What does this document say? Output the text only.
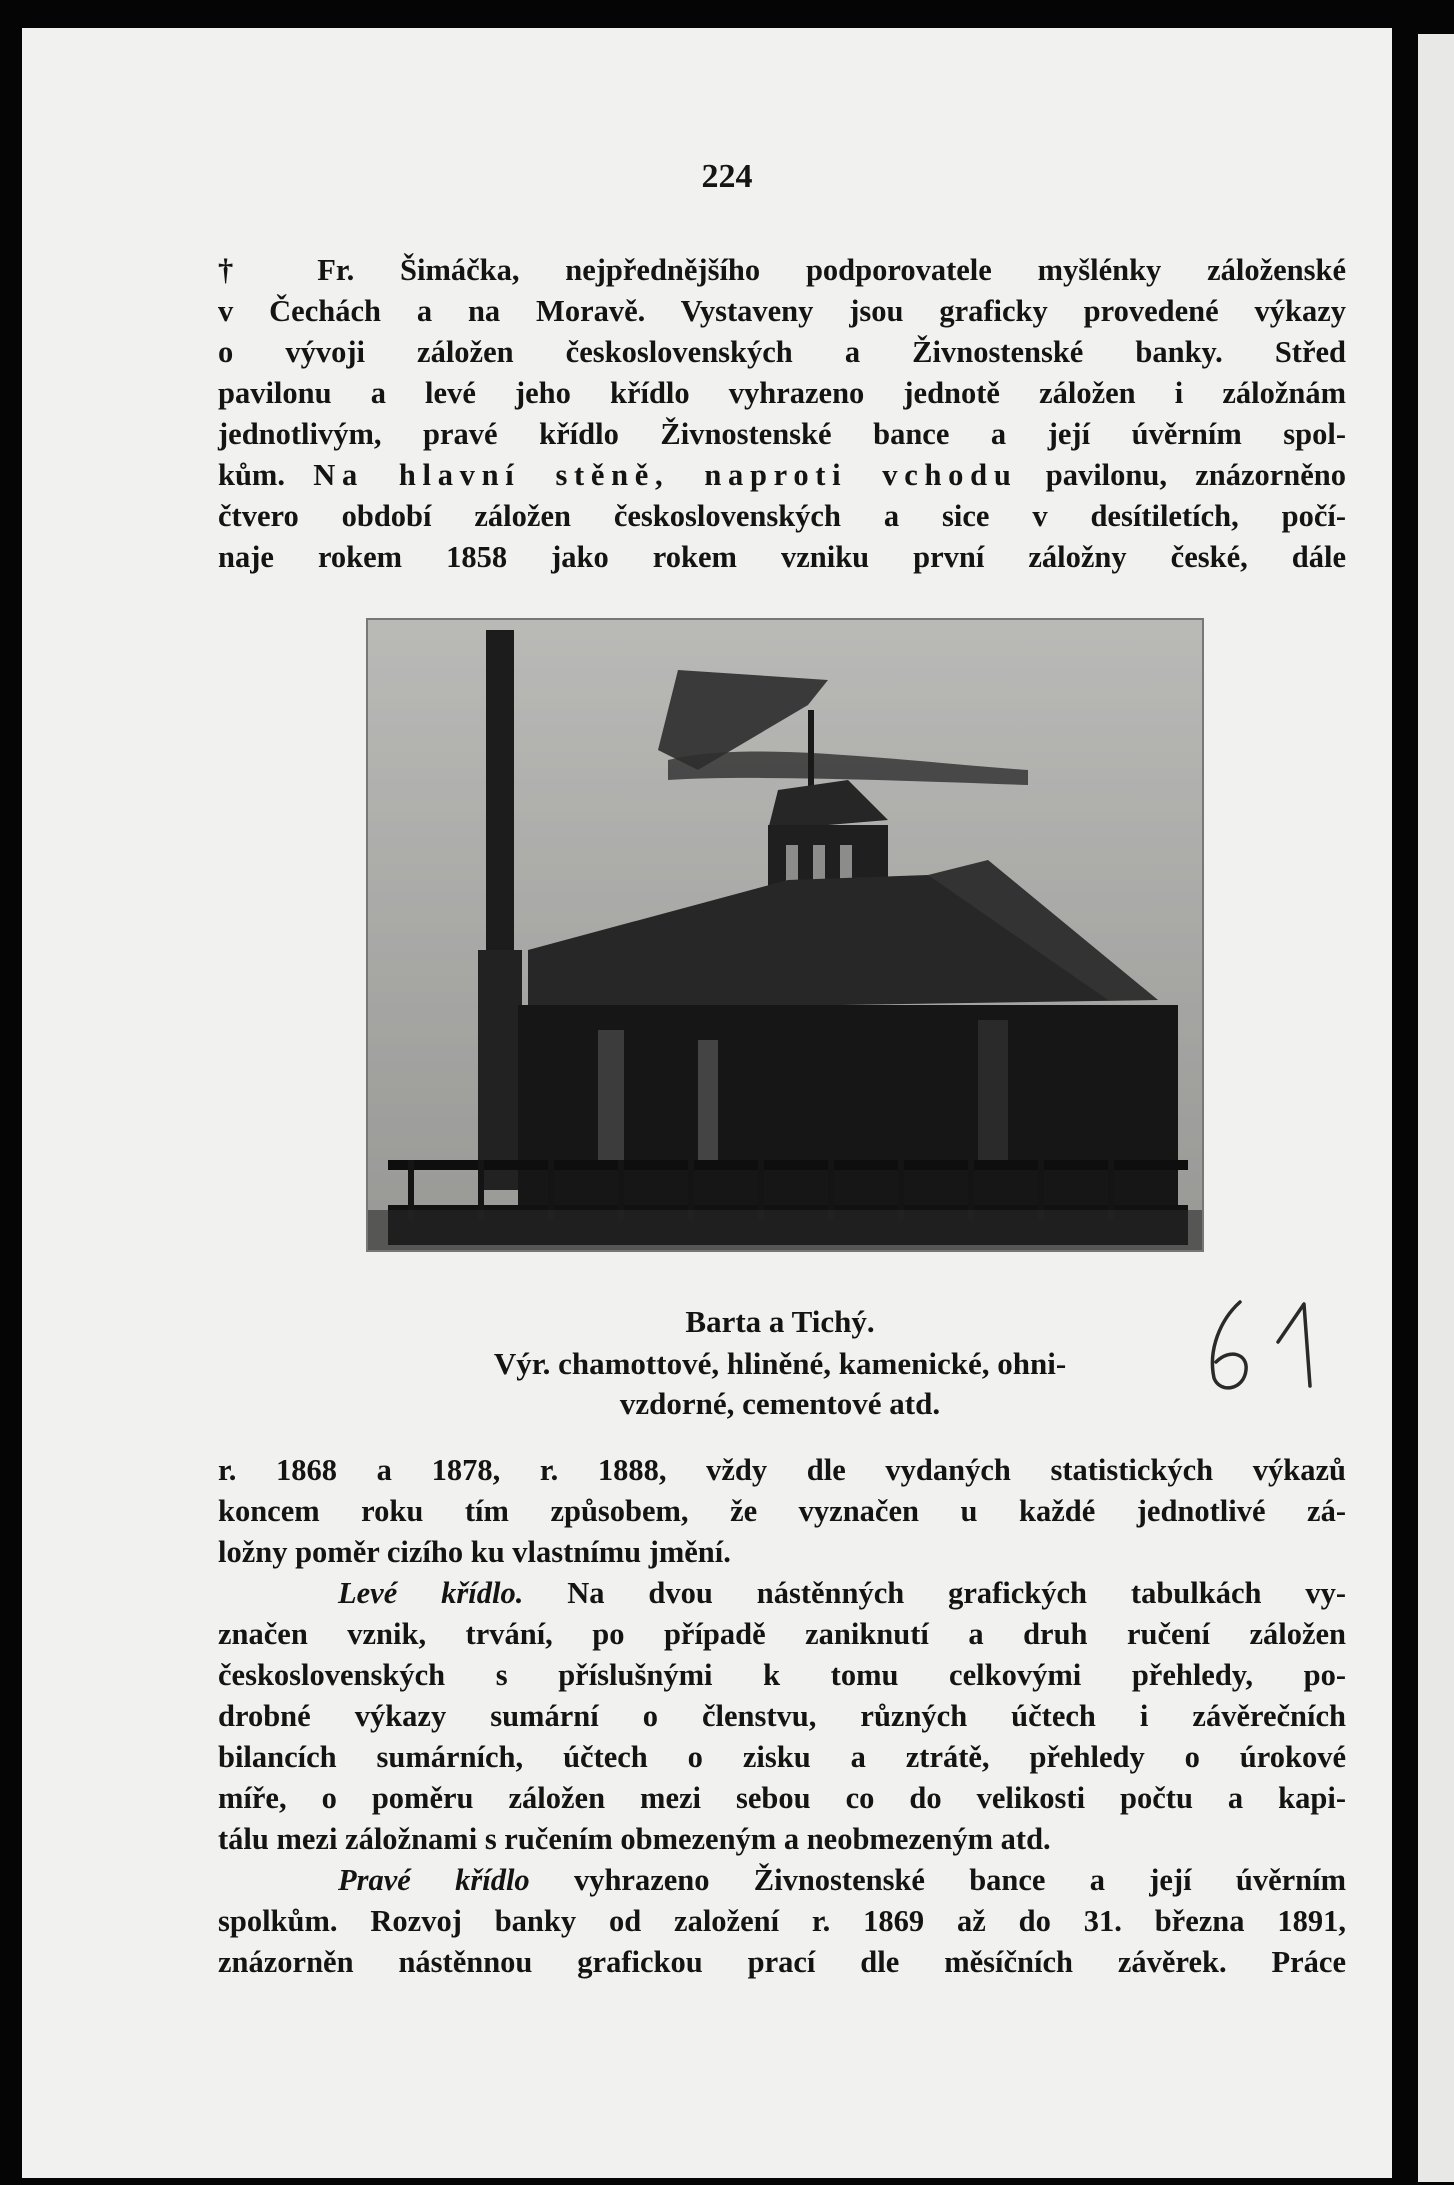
224

† Fr. Šimáčka, nejpřednějšího podporovatele myšlénky záloženské

v Čechách a na Moravě. Vystaveny jsou graficky provedené výkazy

o vývoji záložen československých a Živnostenské banky. Střed

pavilonu a levé jeho křídlo vyhrazeno jednotě záložen i záložnám

jednotlivým, pravé křídlo Živnostenské bance a její úvěrním spol-

kům. Na hlavní stěně, naproti vchodu pavilonu, znázorněno

čtvero období záložen československých a sice v desítiletích, počí-

naje rokem 1858 jako rokem vzniku první záložny české, dále

Barta a Tichý.
Výr. chamottové, hliněné, kamenické, ohni-
vzdorné, cementové atd.

r. 1868 a 1878, r. 1888, vždy dle vydaných statistických výkazů

koncem roku tím způsobem, že vyznačen u každé jednotlivé zá-

ložny poměr cizího ku vlastnímu jmění.

Levé křídlo. Na dvou nástěnných grafických tabulkách vy-

značen vznik, trvání, po případě zaniknutí a druh ručení záložen

československých s příslušnými k tomu celkovými přehledy, po-

drobné výkazy sumární o členstvu, různých účtech i závěrečních

bilancích sumárních, účtech o zisku a ztrátě, přehledy o úrokové

míře, o poměru záložen mezi sebou co do velikosti počtu a kapi-

tálu mezi záložnami s ručením obmezeným a neobmezeným atd.

Pravé křídlo vyhrazeno Živnostenské bance a její úvěrním

spolkům. Rozvoj banky od založení r. 1869 až do 31. března 1891,

znázorněn nástěnnou grafickou prací dle měsíčních závěrek. Práce
